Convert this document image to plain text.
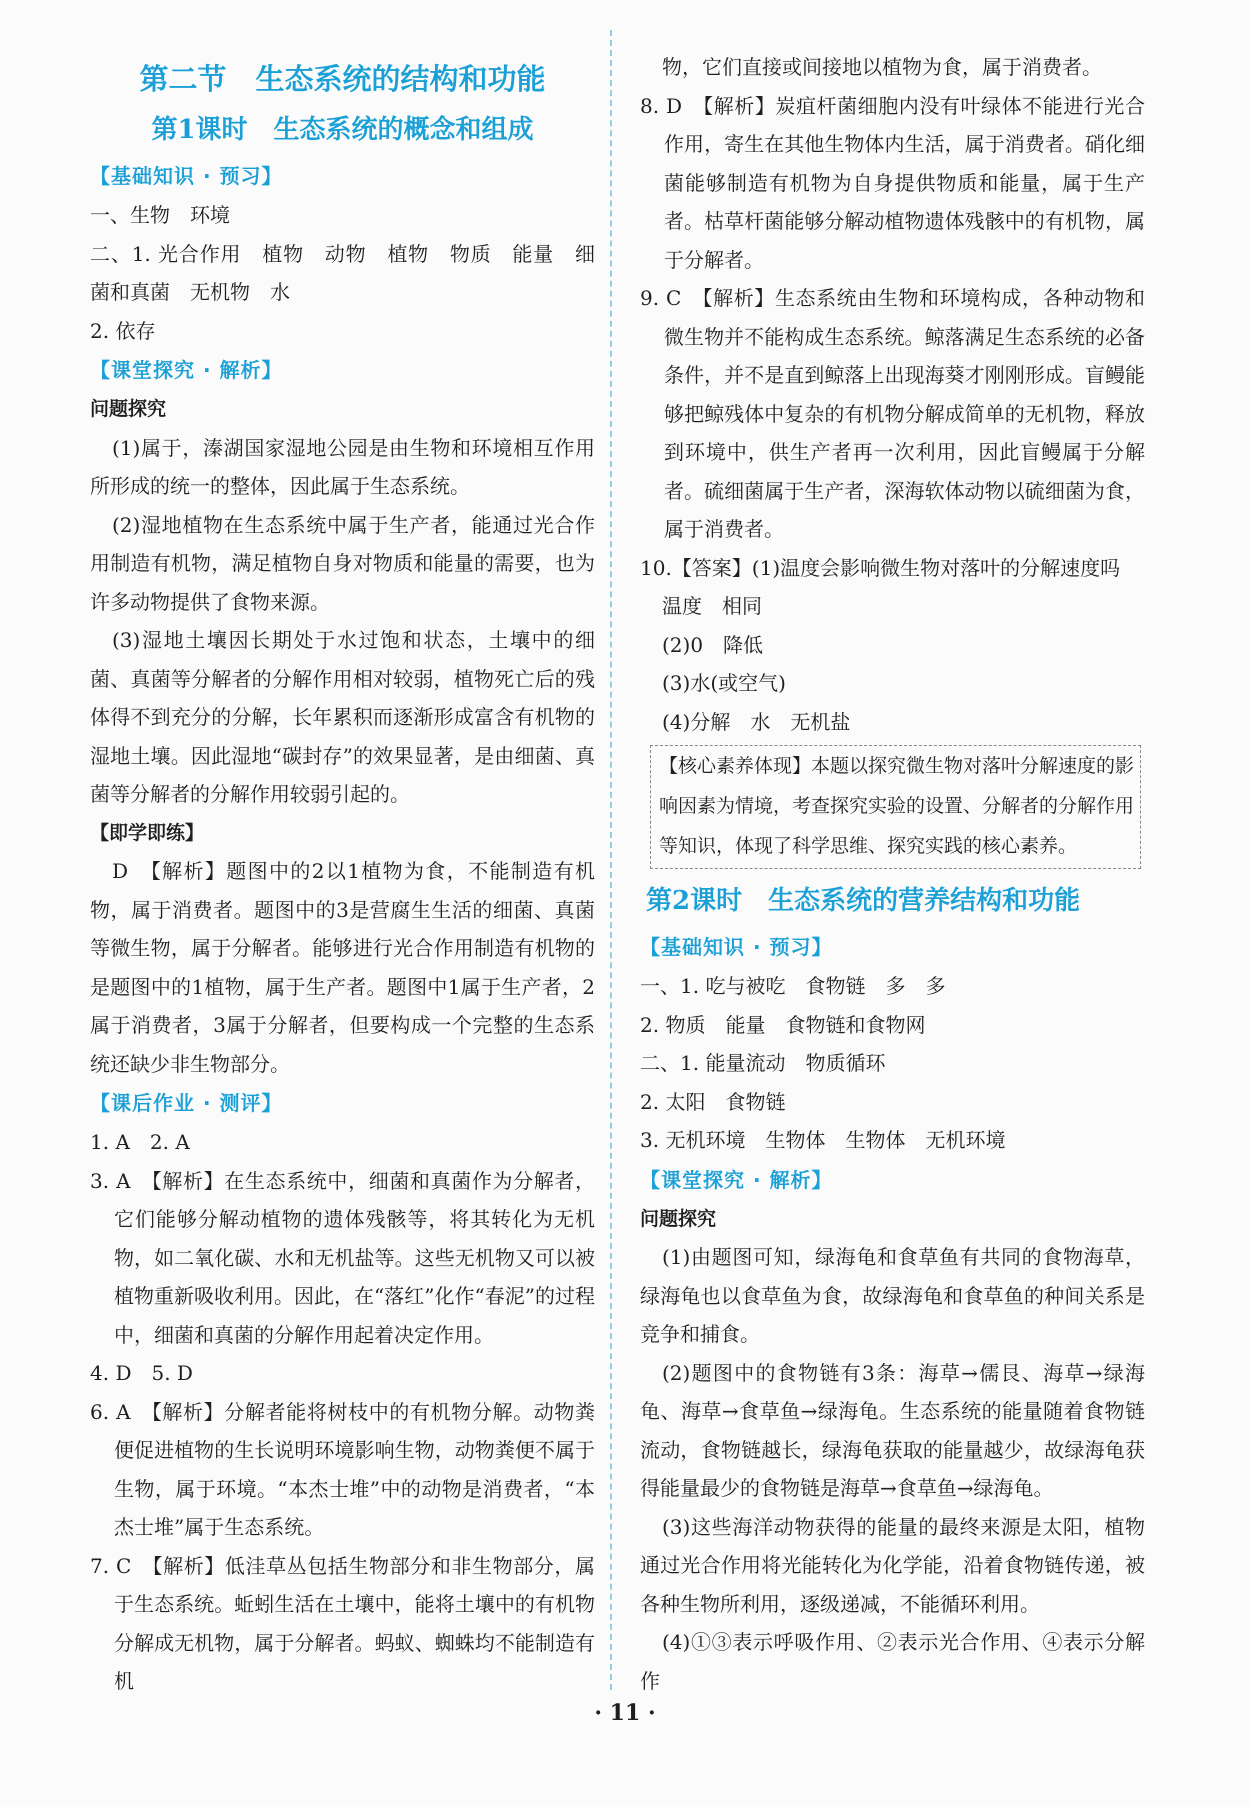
第二节　生态系统的结构和功能

第1课时　生态系统的概念和组成

【基础知识 · 预习】

一、生物　环境

二、1. 光合作用　植物　动物　植物　物质　能量　细菌和真菌　无机物　水

2. 依存

【课堂探究 · 解析】

问题探究

(1)属于，溱湖国家湿地公园是由生物和环境相互作用所形成的统一的整体，因此属于生态系统。

(2)湿地植物在生态系统中属于生产者，能通过光合作用制造有机物，满足植物自身对物质和能量的需要，也为许多动物提供了食物来源。

(3)湿地土壤因长期处于水过饱和状态，土壤中的细菌、真菌等分解者的分解作用相对较弱，植物死亡后的残体得不到充分的分解，长年累积而逐渐形成富含有机物的湿地土壤。因此湿地“碳封存”的效果显著，是由细菌、真菌等分解者的分解作用较弱引起的。

【即学即练】

D　【解析】题图中的2以1植物为食，不能制造有机物，属于消费者。题图中的3是营腐生生活的细菌、真菌等微生物，属于分解者。能够进行光合作用制造有机物的是题图中的1植物，属于生产者。题图中1属于生产者，2属于消费者，3属于分解者，但要构成一个完整的生态系统还缺少非生物部分。

【课后作业 · 测评】

1. A　2. A

3. A　【解析】在生态系统中，细菌和真菌作为分解者，它们能够分解动植物的遗体残骸等，将其转化为无机物，如二氧化碳、水和无机盐等。这些无机物又可以被植物重新吸收利用。因此，在“落红”化作“春泥”的过程中，细菌和真菌的分解作用起着决定作用。

4. D　5. D

6. A　【解析】分解者能将树枝中的有机物分解。动物粪便促进植物的生长说明环境影响生物，动物粪便不属于生物，属于环境。“本杰士堆”中的动物是消费者，“本杰士堆”属于生态系统。

7. C　【解析】低洼草丛包括生物部分和非生物部分，属于生态系统。蚯蚓生活在土壤中，能将土壤中的有机物分解成无机物，属于分解者。蚂蚁、蜘蛛均不能制造有机

物，它们直接或间接地以植物为食，属于消费者。

8. D　【解析】炭疽杆菌细胞内没有叶绿体不能进行光合作用，寄生在其他生物体内生活，属于消费者。硝化细菌能够制造有机物为自身提供物质和能量，属于生产者。枯草杆菌能够分解动植物遗体残骸中的有机物，属于分解者。

9. C　【解析】生态系统由生物和环境构成，各种动物和微生物并不能构成生态系统。鲸落满足生态系统的必备条件，并不是直到鲸落上出现海葵才刚刚形成。盲鳗能够把鲸残体中复杂的有机物分解成简单的无机物，释放到环境中，供生产者再一次利用，因此盲鳗属于分解者。硫细菌属于生产者，深海软体动物以硫细菌为食，属于消费者。

10.【答案】(1)温度会影响微生物对落叶的分解速度吗

温度　相同

(2)0　降低

(3)水(或空气)

(4)分解　水　无机盐

【核心素养体现】本题以探究微生物对落叶分解速度的影响因素为情境，考查探究实验的设置、分解者的分解作用等知识，体现了科学思维、探究实践的核心素养。

第2课时　生态系统的营养结构和功能

【基础知识 · 预习】

一、1. 吃与被吃　食物链　多　多

2. 物质　能量　食物链和食物网

二、1. 能量流动　物质循环

2. 太阳　食物链

3. 无机环境　生物体　生物体　无机环境

【课堂探究 · 解析】

问题探究

(1)由题图可知，绿海龟和食草鱼有共同的食物海草，绿海龟也以食草鱼为食，故绿海龟和食草鱼的种间关系是竞争和捕食。

(2)题图中的食物链有3条：海草→儒艮、海草→绿海龟、海草→食草鱼→绿海龟。生态系统的能量随着食物链流动，食物链越长，绿海龟获取的能量越少，故绿海龟获得能量最少的食物链是海草→食草鱼→绿海龟。

(3)这些海洋动物获得的能量的最终来源是太阳，植物通过光合作用将光能转化为化学能，沿着食物链传递，被各种生物所利用，逐级递减，不能循环利用。

(4)①③表示呼吸作用、②表示光合作用、④表示分解作

· 11 ·
